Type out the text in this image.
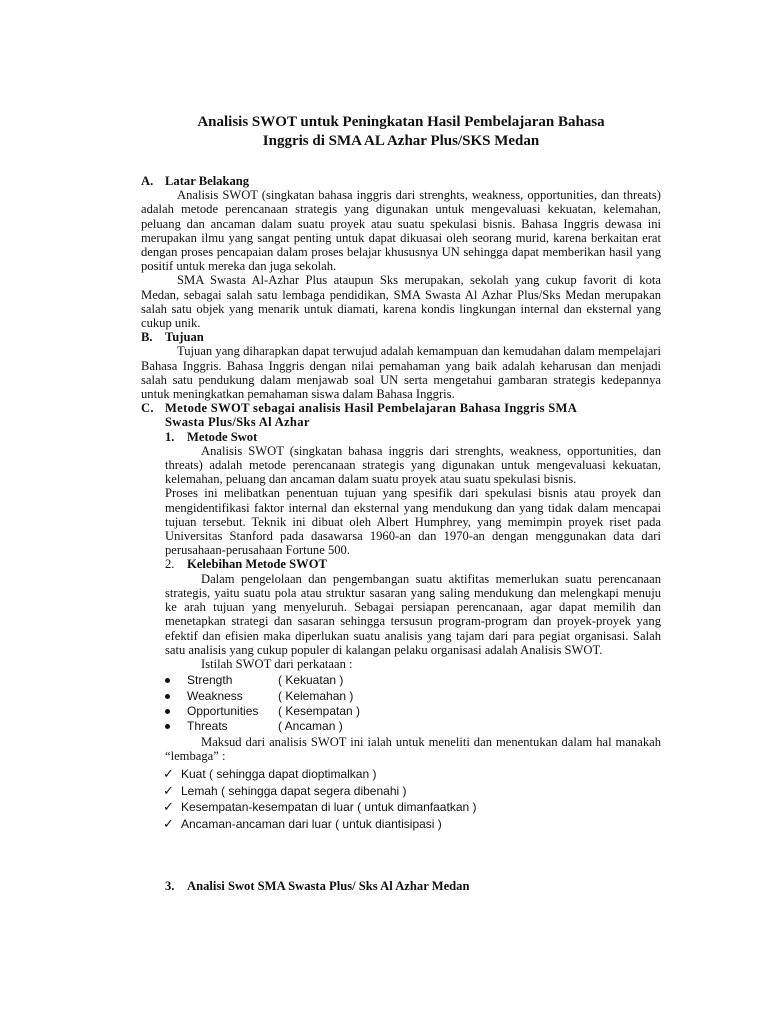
Analisis SWOT untuk Peningkatan Hasil Pembelajaran Bahasa
Inggris di SMA AL Azhar Plus/SKS Medan
A. Latar Belakang

Analisis SWOT (singkatan bahasa inggris dari strenghts, weakness, opportunities, dan threats) adalah metode perencanaan strategis yang digunakan untuk mengevaluasi kekuatan, kelemahan, peluang dan ancaman dalam suatu proyek atau suatu spekulasi bisnis. Bahasa Inggris dewasa ini merupakan ilmu yang sangat penting untuk dapat dikuasai oleh seorang murid, karena berkaitan erat dengan proses pencapaian dalam proses belajar khususnya UN sehingga dapat memberikan hasil yang positif untuk mereka dan juga sekolah.

SMA Swasta Al-Azhar Plus ataupun Sks merupakan, sekolah yang cukup favorit di kota Medan, sebagai salah satu lembaga pendidikan, SMA Swasta Al Azhar Plus/Sks Medan merupakan salah satu objek yang menarik untuk diamati, karena kondis lingkungan internal dan eksternal yang cukup unik.

B. Tujuan

Tujuan yang diharapkan dapat terwujud adalah kemampuan dan kemudahan dalam mempelajari Bahasa Inggris. Bahasa Inggris dengan nilai pemahaman yang baik adalah keharusan dan menjadi salah satu pendukung dalam menjawab soal UN serta mengetahui gambaran strategis kedepannya untuk meningkatkan pemahaman siswa dalam Bahasa Inggris.

C. Metode SWOT sebagai analisis Hasil Pembelajaran Bahasa Inggris SMA
Swasta Plus/Sks Al Azhar
1. Metode Swot

Analisis SWOT (singkatan bahasa inggris dari strenghts, weakness, opportunities, dan threats) adalah metode perencanaan strategis yang digunakan untuk mengevaluasi kekuatan, kelemahan, peluang dan ancaman dalam suatu proyek atau suatu spekulasi bisnis.

Proses ini melibatkan penentuan tujuan yang spesifik dari spekulasi bisnis atau proyek dan mengidentifikasi faktor internal dan eksternal yang mendukung dan yang tidak dalam mencapai tujuan tersebut. Teknik ini dibuat oleh Albert Humphrey, yang memimpin proyek riset pada Universitas Stanford pada dasawarsa 1960-an dan 1970-an dengan menggunakan data dari perusahaan-perusahaan Fortune 500.

2. Kelebihan Metode SWOT

Dalam pengelolaan dan pengembangan suatu aktifitas memerlukan suatu perencanaan strategis, yaitu suatu pola atau struktur sasaran yang saling mendukung dan melengkapi menuju ke arah tujuan yang menyeluruh. Sebagai persiapan perencanaan, agar dapat memilih dan menetapkan strategi dan sasaran sehingga tersusun program-program dan proyek-proyek yang efektif dan efisien maka diperlukan suatu analisis yang tajam dari para pegiat organisasi. Salah satu analisis yang cukup populer di kalangan pelaku organisasi adalah Analisis SWOT.

Istilah SWOT dari perkataan :

Strength	( Kekuatan )
Weakness	( Kelemahan )
Opportunities ( Kesempatan )
Threats	( Ancaman )

Maksud dari analisis SWOT ini ialah untuk meneliti dan menentukan dalam hal manakah “lembaga” :

✓ Kuat ( sehingga dapat dioptimalkan )
✓ Lemah ( sehingga dapat segera dibenahi )
✓ Kesempatan-kesempatan di luar ( untuk dimanfaatkan )
✓ Ancaman-ancaman dari luar ( untuk diantisipasi )
3. Analisi Swot SMA Swasta Plus/ Sks Al Azhar Medan
